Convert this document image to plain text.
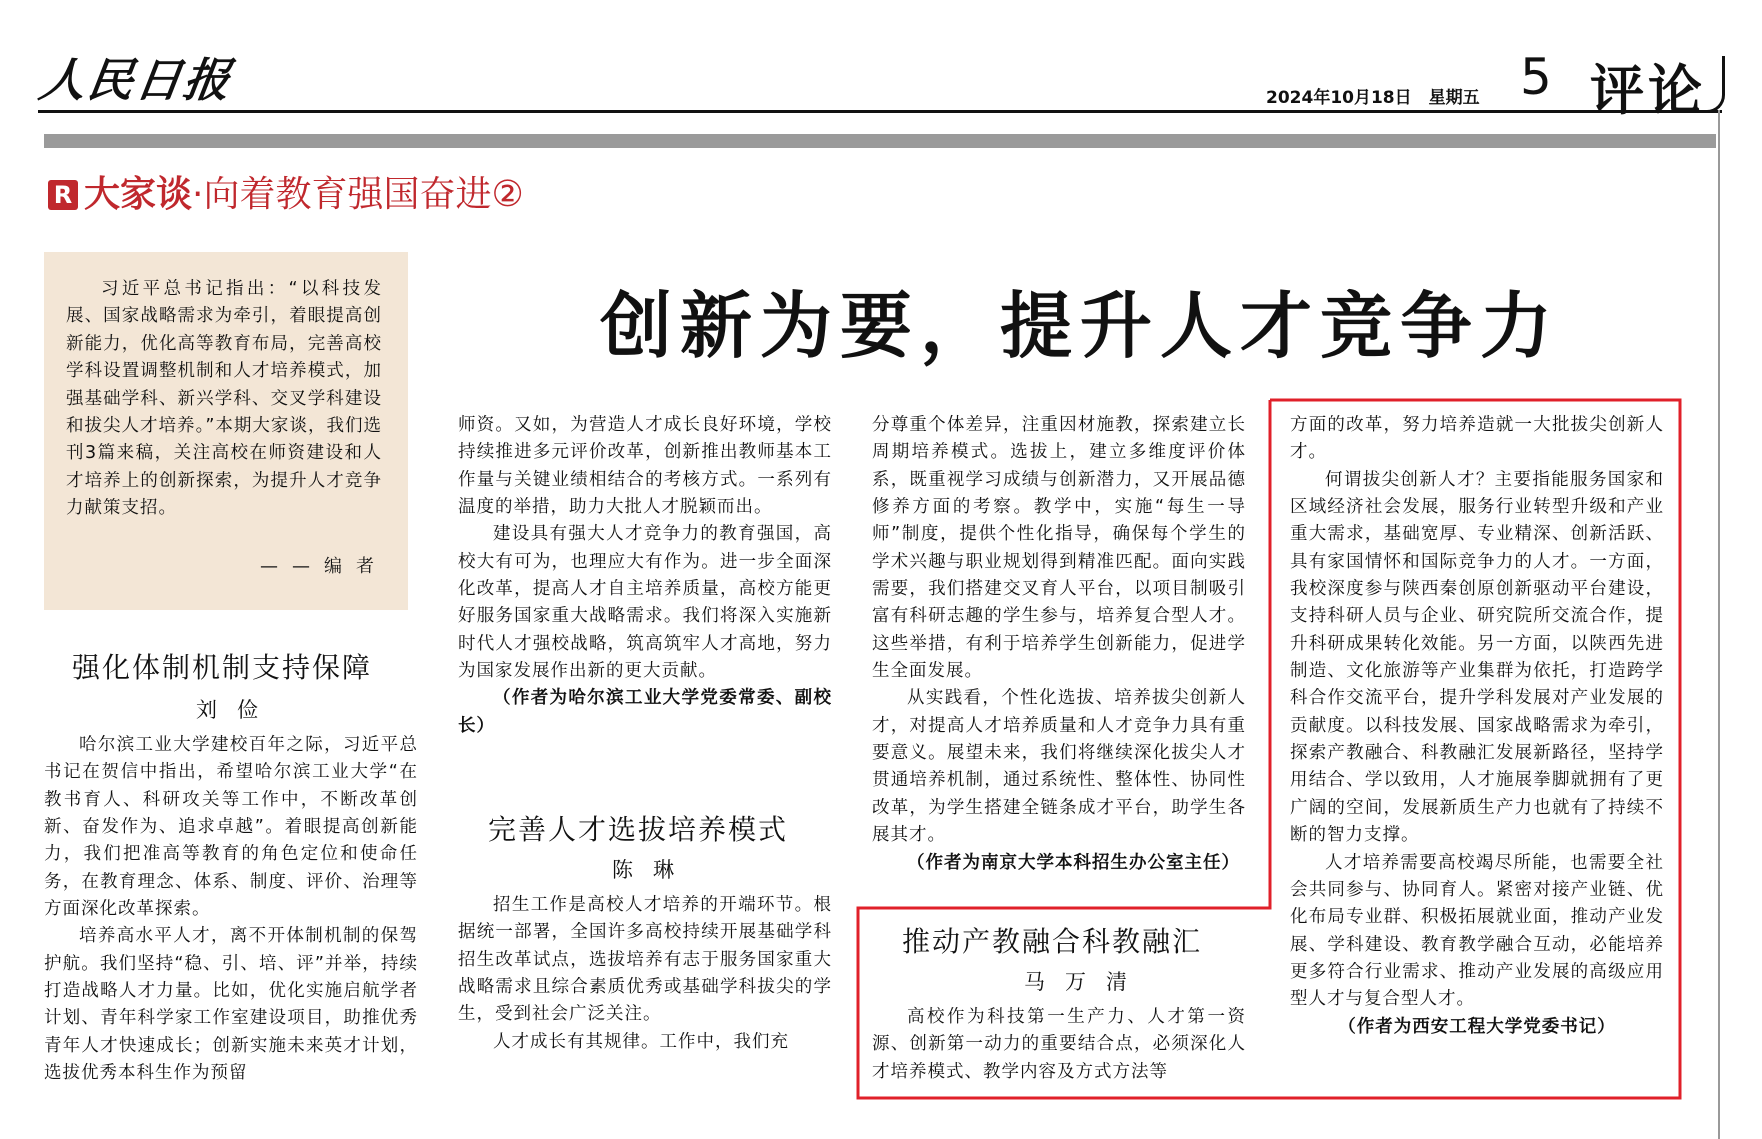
人民日报	2024年10月18日　星期五 5 评论
R 大家谈·向着教育强国奋进②
创新为要，提升人才竞争力
习近平总书记指出：“以科技发展、国家战略需求为牵引，着眼提高创新能力，优化高等教育布局，完善高校学科设置调整机制和人才培养模式，加强基础学科、新兴学科、交叉学科建设和拔尖人才培养。”本期大家谈，我们选刊3篇来稿，关注高校在师资建设和人才培养上的创新探索，为提升人才竞争力献策支招。
——编者
强化体制机制支持保障
刘俭

哈尔滨工业大学建校百年之际，习近平总书记在贺信中指出，希望哈尔滨工业大学“在教书育人、科研攻关等工作中，不断改革创新、奋发作为、追求卓越”。着眼提高创新能力，我们把准高等教育的角色定位和使命任务，在教育理念、体系、制度、评价、治理等方面深化改革探索。

培养高水平人才，离不开体制机制的保驾护航。我们坚持“稳、引、培、评”并举，持续打造战略人才力量。比如，优化实施启航学者计划、青年科学家工作室建设项目，助推优秀青年人才快速成长；创新实施未来英才计划，选拔优秀本科生作为预留

师资。又如，为营造人才成长良好环境，学校持续推进多元评价改革，创新推出教师基本工作量与关键业绩相结合的考核方式。一系列有温度的举措，助力大批人才脱颖而出。

建设具有强大人才竞争力的教育强国，高校大有可为，也理应大有作为。进一步全面深化改革，提高人才自主培养质量，高校方能更好服务国家重大战略需求。我们将深入实施新时代人才强校战略，筑高筑牢人才高地，努力为国家发展作出新的更大贡献。

（作者为哈尔滨工业大学党委常委、副校长）

完善人才选拔培养模式
陈琳

招生工作是高校人才培养的开端环节。根据统一部署，全国许多高校持续开展基础学科招生改革试点，选拔培养有志于服务国家重大战略需求且综合素质优秀或基础学科拔尖的学生，受到社会广泛关注。

人才成长有其规律。工作中，我们充

分尊重个体差异，注重因材施教，探索建立长周期培养模式。选拔上，建立多维度评价体系，既重视学习成绩与创新潜力，又开展品德修养方面的考察。教学中，实施“每生一导师”制度，提供个性化指导，确保每个学生的学术兴趣与职业规划得到精准匹配。面向实践需要，我们搭建交叉育人平台，以项目制吸引富有科研志趣的学生参与，培养复合型人才。这些举措，有利于培养学生创新能力，促进学生全面发展。

从实践看，个性化选拔、培养拔尖创新人才，对提高人才培养质量和人才竞争力具有重要意义。展望未来，我们将继续深化拔尖人才贯通培养机制，通过系统性、整体性、协同性改革，为学生搭建全链条成才平台，助学生各展其才。

（作者为南京大学本科招生办公室主任）

推动产教融合科教融汇
马万清

高校作为科技第一生产力、人才第一资源、创新第一动力的重要结合点，必须深化人才培养模式、教学内容及方式方法等

方面的改革，努力培养造就一大批拔尖创新人才。

何谓拔尖创新人才？主要指能服务国家和区域经济社会发展，服务行业转型升级和产业重大需求，基础宽厚、专业精深、创新活跃、具有家国情怀和国际竞争力的人才。一方面，我校深度参与陕西秦创原创新驱动平台建设，支持科研人员与企业、研究院所交流合作，提升科研成果转化效能。另一方面，以陕西先进制造、文化旅游等产业集群为依托，打造跨学科合作交流平台，提升学科发展对产业发展的贡献度。以科技发展、国家战略需求为牵引，探索产教融合、科教融汇发展新路径，坚持学用结合、学以致用，人才施展拳脚就拥有了更广阔的空间，发展新质生产力也就有了持续不断的智力支撑。

人才培养需要高校竭尽所能，也需要全社会共同参与、协同育人。紧密对接产业链、优化布局专业群、积极拓展就业面，推动产业发展、学科建设、教育教学融合互动，必能培养更多符合行业需求、推动产业发展的高级应用型人才与复合型人才。

（作者为西安工程大学党委书记）
